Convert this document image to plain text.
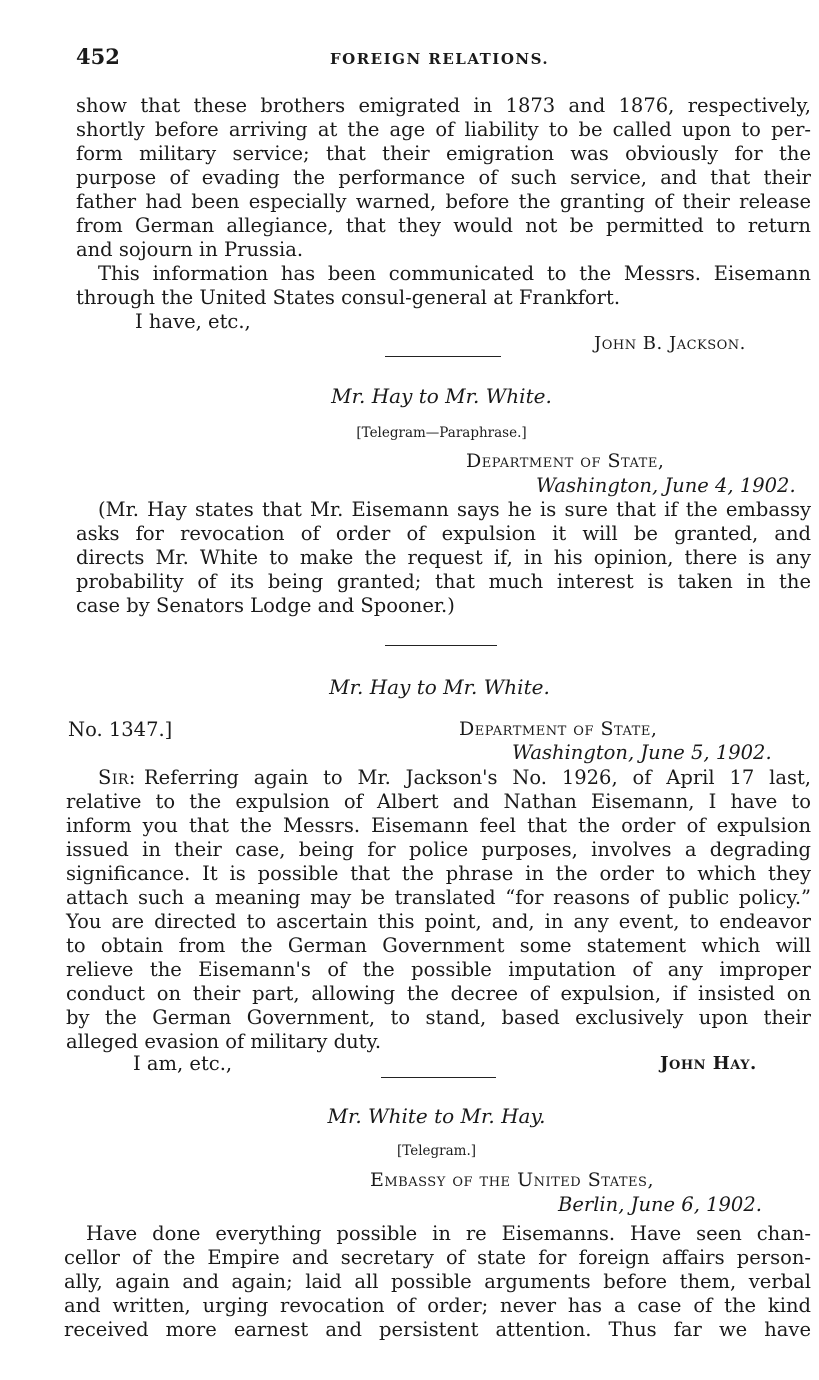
452	FOREIGN RELATIONS.
show that these brothers emigrated in 1873 and 1876, respectively,
shortly before arriving at the age of liability to be called upon to per-
form military service; that their emigration was obviously for the
purpose of evading the performance of such service, and that their
father had been especially warned, before the granting of their release
from German allegiance, that they would not be permitted to return
and sojourn in Prussia.
This information has been communicated to the Messrs. Eisemann
through the United States consul-general at Frankfort.
I have, etc.,
John B. Jackson.
Mr. Hay to Mr. White.
[Telegram—Paraphrase.]
Department of State,
Washington, June 4, 1902.
(Mr. Hay states that Mr. Eisemann says he is sure that if the embassy
asks for revocation of order of expulsion it will be granted, and
directs Mr. White to make the request if, in his opinion, there is any
probability of its being granted; that much interest is taken in the
case by Senators Lodge and Spooner.)
Mr. Hay to Mr. White.
No. 1347.]	Department of State,
Washington, June 5, 1902.
Sir: Referring again to Mr. Jackson's No. 1926, of April 17 last,
relative to the expulsion of Albert and Nathan Eisemann, I have to
inform you that the Messrs. Eisemann feel that the order of expulsion
issued in their case, being for police purposes, involves a degrading
significance. It is possible that the phrase in the order to which they
attach such a meaning may be translated “for reasons of public policy.”
You are directed to ascertain this point, and, in any event, to endeavor
to obtain from the German Government some statement which will
relieve the Eisemann's of the possible imputation of any improper
conduct on their part, allowing the decree of expulsion, if insisted on
by the German Government, to stand, based exclusively upon their
alleged evasion of military duty.
I am, etc.,	John Hay.
Mr. White to Mr. Hay.
[Telegram.]
Embassy of the United States,
Berlin, June 6, 1902.
Have done everything possible in re Eisemanns. Have seen chan-
cellor of the Empire and secretary of state for foreign affairs person-
ally, again and again; laid all possible arguments before them, verbal
and written, urging revocation of order; never has a case of the kind
received more earnest and persistent attention. Thus far we have
